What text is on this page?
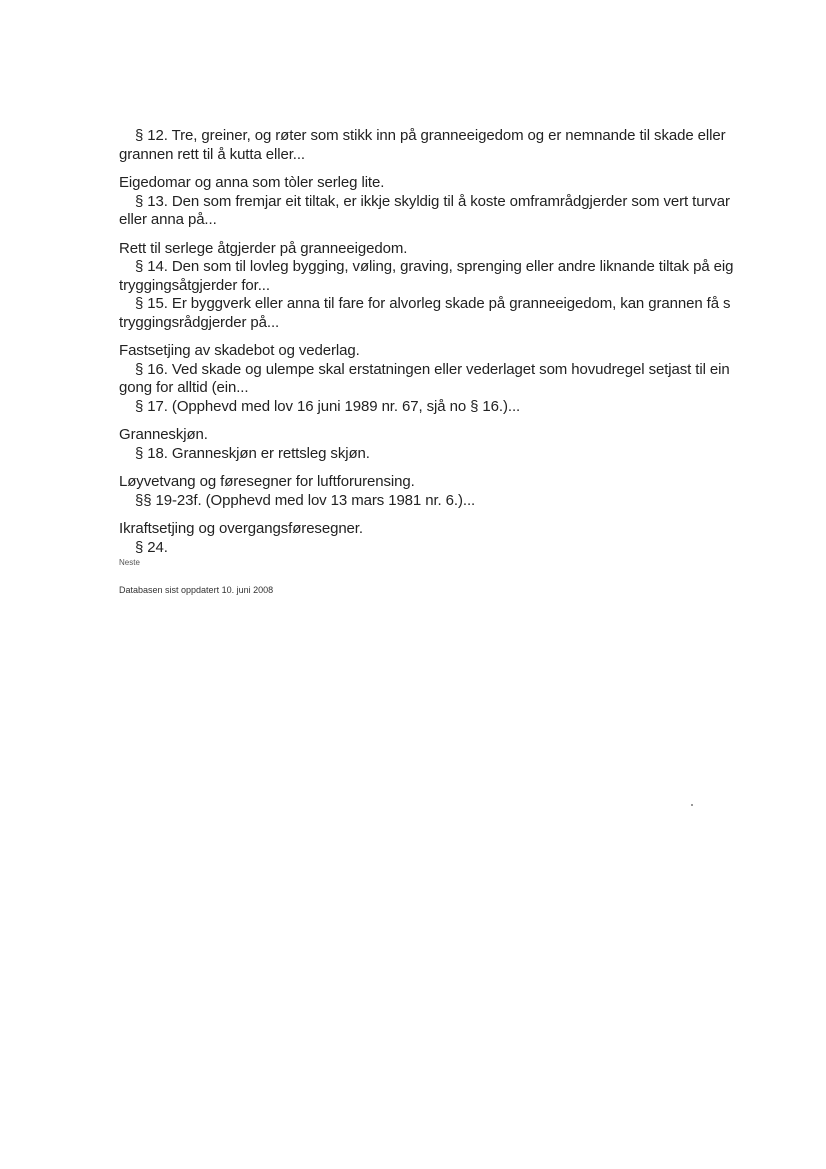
§ 12. Tre, greiner, og røter som stikk inn på granneeigedom og er nemnande til skade eller
grannen rett til å kutta eller...
Eigedomar og anna som tòler serleg lite.
§ 13. Den som fremjar eit tiltak, er ikkje skyldig til å koste omframrådgjerder som vert turvar
eller anna på...
Rett til serlege åtgjerder på granneeigedom.
§ 14. Den som til lovleg bygging, vøling, graving, sprenging eller andre liknande tiltak på eig
tryggingsåtgjerder for...
§ 15. Er byggverk eller anna til fare for alvorleg skade på granneeigedom, kan grannen få s
tryggingsrådgjerder på...
Fastsetjing av skadebot og vederlag.
§ 16. Ved skade og ulempe skal erstatningen eller vederlaget som hovudregel setjast til ein
gong for alltid (ein...
§ 17. (Opphevd med lov 16 juni 1989 nr. 67, sjå no § 16.)...
Granneskjøn.
§ 18. Granneskjøn er rettsleg skjøn.
Løyvetvang og føresegner for luftforurensing.
§§ 19-23f. (Opphevd med lov 13 mars 1981 nr. 6.)...
Ikraftsetjing og overgangsføresegner.
§ 24.
Neste
Databasen sist oppdatert 10. juni 2008
